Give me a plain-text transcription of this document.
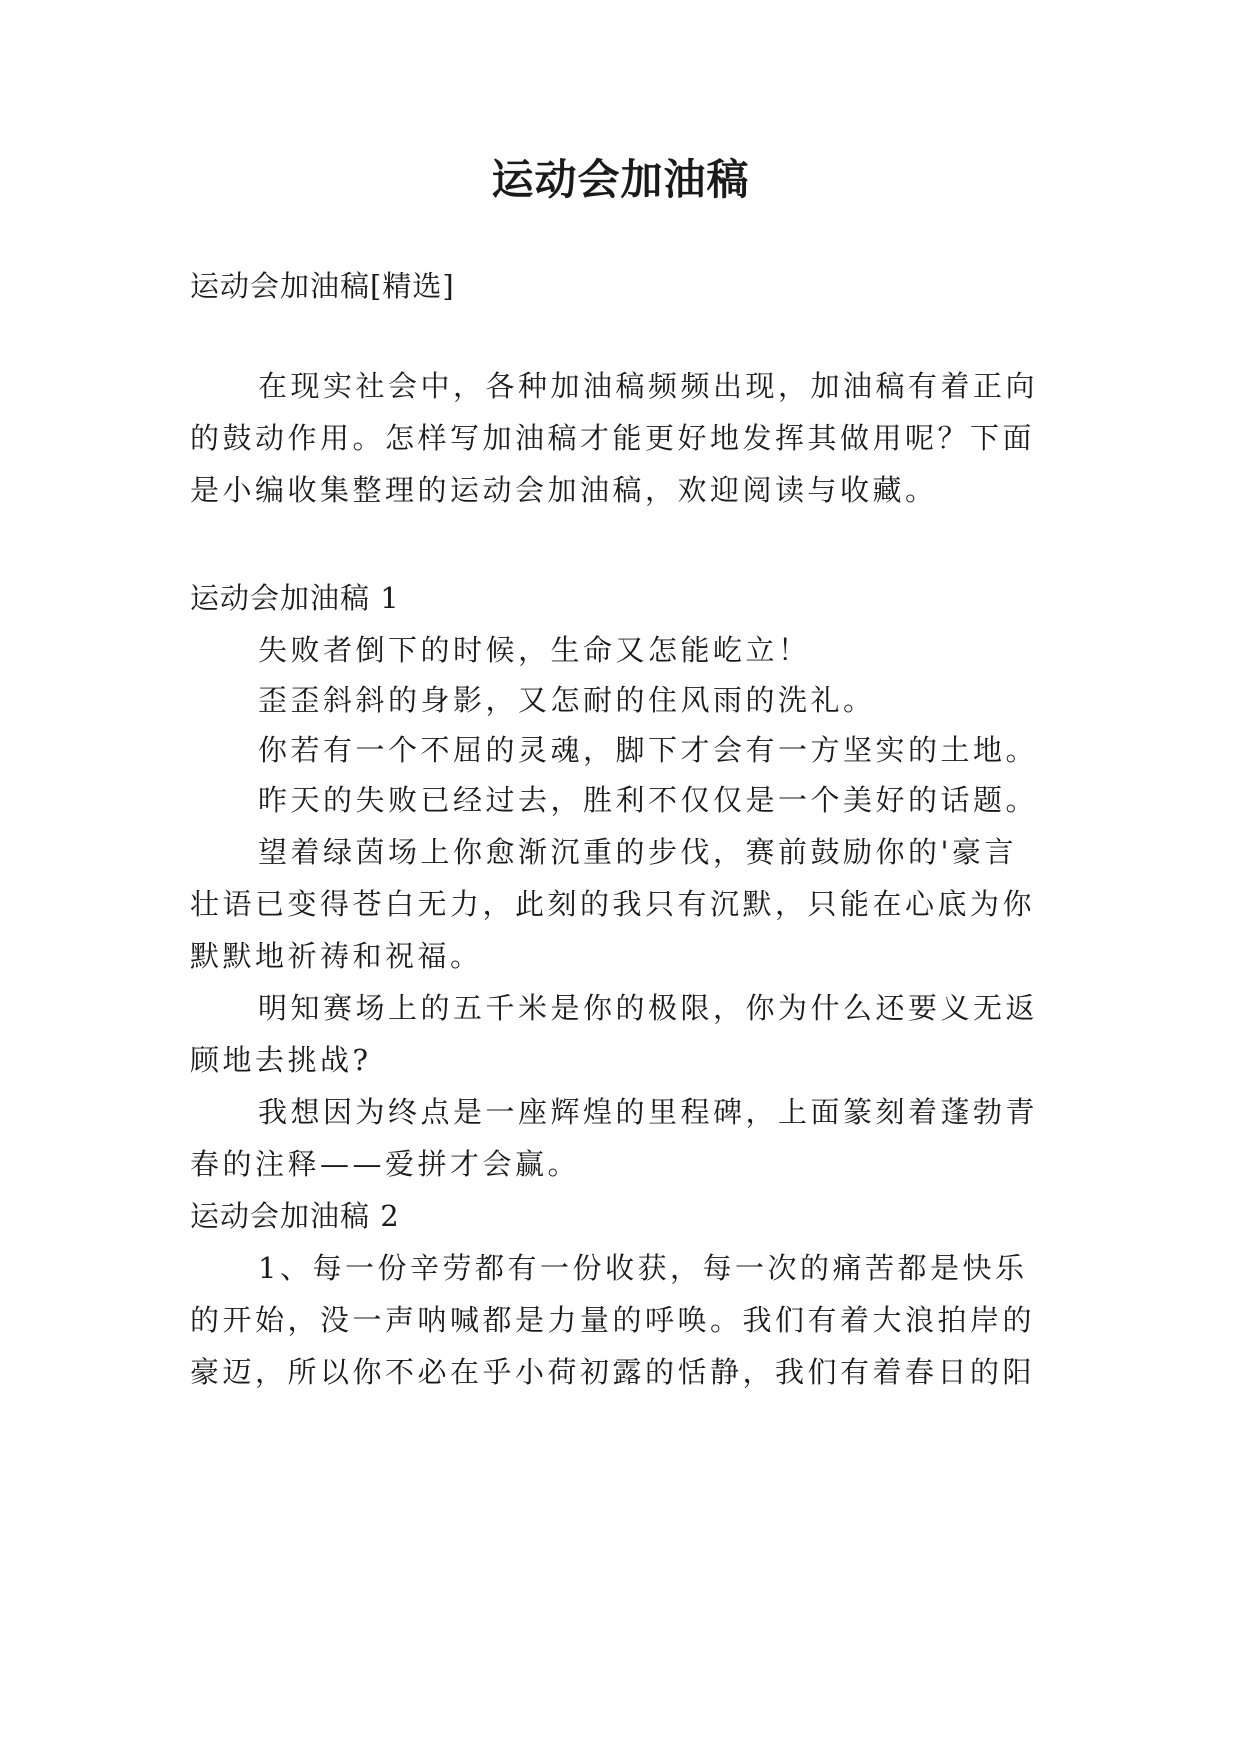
运动会加油稿
运动会加油稿[精选]
在现实社会中，各种加油稿频频出现，加油稿有着正向
的鼓动作用。怎样写加油稿才能更好地发挥其做用呢？下面
是小编收集整理的运动会加油稿，欢迎阅读与收藏。
运动会加油稿 1
失败者倒下的时候，生命又怎能屹立！
歪歪斜斜的身影，又怎耐的住风雨的洗礼。
你若有一个不屈的灵魂，脚下才会有一方坚实的土地。
昨天的失败已经过去，胜利不仅仅是一个美好的话题。
望着绿茵场上你愈渐沉重的步伐，赛前鼓励你的'豪言
壮语已变得苍白无力，此刻的我只有沉默，只能在心底为你
默默地祈祷和祝福。
明知赛场上的五千米是你的极限，你为什么还要义无返
顾地去挑战?
我想因为终点是一座辉煌的里程碑，上面篆刻着蓬勃青
春的注释——爱拼才会赢。
运动会加油稿 2
1、每一份辛劳都有一份收获，每一次的痛苦都是快乐
的开始，没一声呐喊都是力量的呼唤。我们有着大浪拍岸的
豪迈，所以你不必在乎小荷初露的恬静，我们有着春日的阳
